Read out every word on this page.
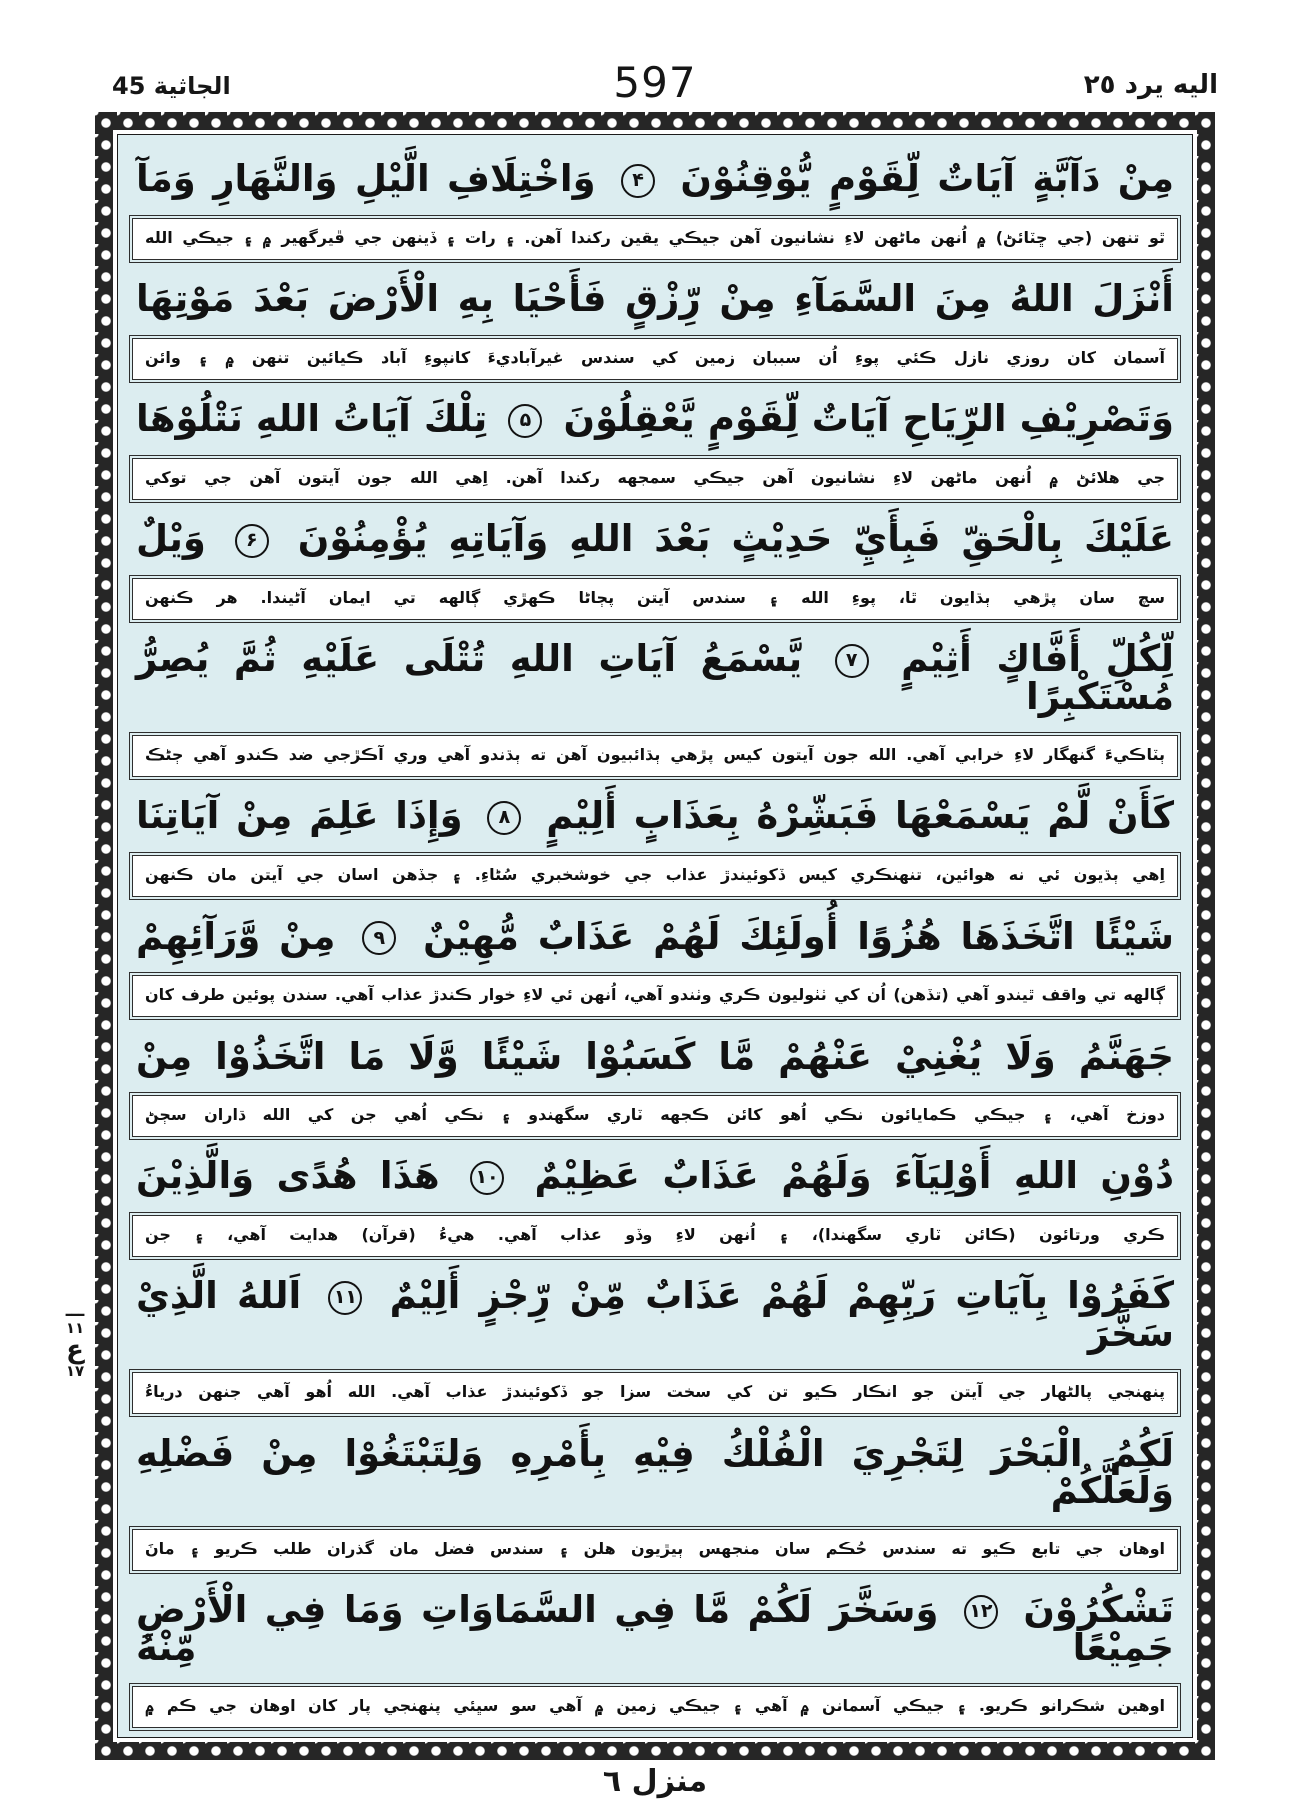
الجاثية 45	597	اليه يرد ٢٥
مِنْ دَآبَّةٍ آيَاتٌ لِّقَوْمٍ يُّوْقِنُوْنَ ۴ وَاخْتِلَافِ الَّيْلِ وَالنَّهَارِ وَمَآ
ٿو تنهن (جي ڇٽائڻ) ۾ اُنهن ماڻهن لاءِ نشانيون آهن جيڪي يقين رکندا آهن. ۽ رات ۽ ڏينهن جي ڦيرگهير ۾ ۽ جيڪي الله
أَنْزَلَ اللهُ مِنَ السَّمَآءِ مِنْ رِّزْقٍ فَأَحْيَا بِهِ الْأَرْضَ بَعْدَ مَوْتِهَا
آسمان کان روزي نازل ڪئي پوءِ اُن سببان زمين کي سندس غيرآباديءَ کانپوءِ آباد ڪيائين تنهن ۾ ۽ وائن
وَتَصْرِيْفِ الرِّيَاحِ آيَاتٌ لِّقَوْمٍ يَّعْقِلُوْنَ ۵ تِلْكَ آيَاتُ اللهِ نَتْلُوْهَا
جي هلائڻ ۾ اُنهن ماڻهن لاءِ نشانيون آهن جيڪي سمجهه رکندا آهن. اِهي الله جون آيتون آهن جي توکي
عَلَيْكَ بِالْحَقِّ فَبِأَيِّ حَدِيْثٍ بَعْدَ اللهِ وَآيَاتِهِ يُؤْمِنُوْنَ ۶ وَيْلٌ
سچ سان پڙهي ٻڌايون ٿا، پوءِ الله ۽ سندس آيتن پڄاڻا ڪهڙي ڳالهه تي ايمان آڻيندا. هر ڪنهن
لِّكُلِّ أَفَّاكٍ أَثِيْمٍ ۷ يَّسْمَعُ آيَاتِ اللهِ تُتْلَى عَلَيْهِ ثُمَّ يُصِرُّ مُسْتَكْبِرًا
ٻٽاڪيءَ گنهگار لاءِ خرابي آهي. الله جون آيتون کيس پڙهي ٻڌائبيون آهن ته ٻڌندو آهي وري آڪڙجي ضد ڪندو آهي ڄڻڪ
كَأَنْ لَّمْ يَسْمَعْهَا فَبَشِّرْهُ بِعَذَابٍ أَلِيْمٍ ۸ وَإِذَا عَلِمَ مِنْ آيَاتِنَا
اِهي ٻڌيون ئي نه هوائين، تنهنڪري کيس ڏکوئيندڙ عذاب جي خوشخبري سُڻاءِ. ۽ جڏهن اسان جي آيتن مان ڪنهن
شَيْئًا اتَّخَذَهَا هُزُوًا أُولَئِكَ لَهُمْ عَذَابٌ مُّهِيْنٌ ۹ مِنْ وَّرَآئِهِمْ
ڳالهه تي واقف ٿيندو آهي (تڏهن) اُن کي ٺٺوليون ڪري وٺندو آهي، اُنهن ئي لاءِ خوار ڪندڙ عذاب آهي. سندن پوئين طرف کان
جَهَنَّمُ وَلَا يُغْنِيْ عَنْهُمْ مَّا كَسَبُوْا شَيْئًا وَّلَا مَا اتَّخَذُوْا مِنْ
دوزخ آهي، ۽ جيڪي ڪمايائون نڪي اُهو کائن ڪجهه ٽاري سگهندو ۽ نڪي اُهي جن کي الله ڌاران سڄڻ
دُوْنِ اللهِ أَوْلِيَآءَ وَلَهُمْ عَذَابٌ عَظِيْمٌ ۱۰ هَذَا هُدًى وَالَّذِيْنَ
ڪري ورتائون (ڪائن ٽاري سگهندا)، ۽ اُنهن لاءِ وڏو عذاب آهي. هيءُ (قرآن) هدايت آهي، ۽ جن
كَفَرُوْا بِآيَاتِ رَبِّهِمْ لَهُمْ عَذَابٌ مِّنْ رِّجْزٍ أَلِيْمٌ ۱۱ اَللهُ الَّذِيْ سَخَّرَ
پنهنجي پالڻهار جي آيتن جو انڪار ڪيو تن کي سخت سزا جو ڏکوئيندڙ عذاب آهي. الله اُهو آهي جنهن درياءُ
لَكُمُ الْبَحْرَ لِتَجْرِيَ الْفُلْكُ فِيْهِ بِأَمْرِهِ وَلِتَبْتَغُوْا مِنْ فَضْلِهِ وَلَعَلَّكُمْ
اوهان جي تابع ڪيو ته سندس حُڪم سان منجهس ٻيڙيون هلن ۽ سندس فضل مان گذران طلب ڪريو ۽ مانَ
تَشْكُرُوْنَ ۱۲ وَسَخَّرَ لَكُمْ مَّا فِي السَّمَاوَاتِ وَمَا فِي الْأَرْضِ جَمِيْعًا مِّنْهُ
اوهين شڪرانو ڪريو. ۽ جيڪي آسمانن ۾ آهي ۽ جيڪي زمين ۾ آهي سو سڀئي پنهنجي پار کان اوهان جي ڪم ۾
ـــ
۱۱
ع
۱۷
منزل ٦
